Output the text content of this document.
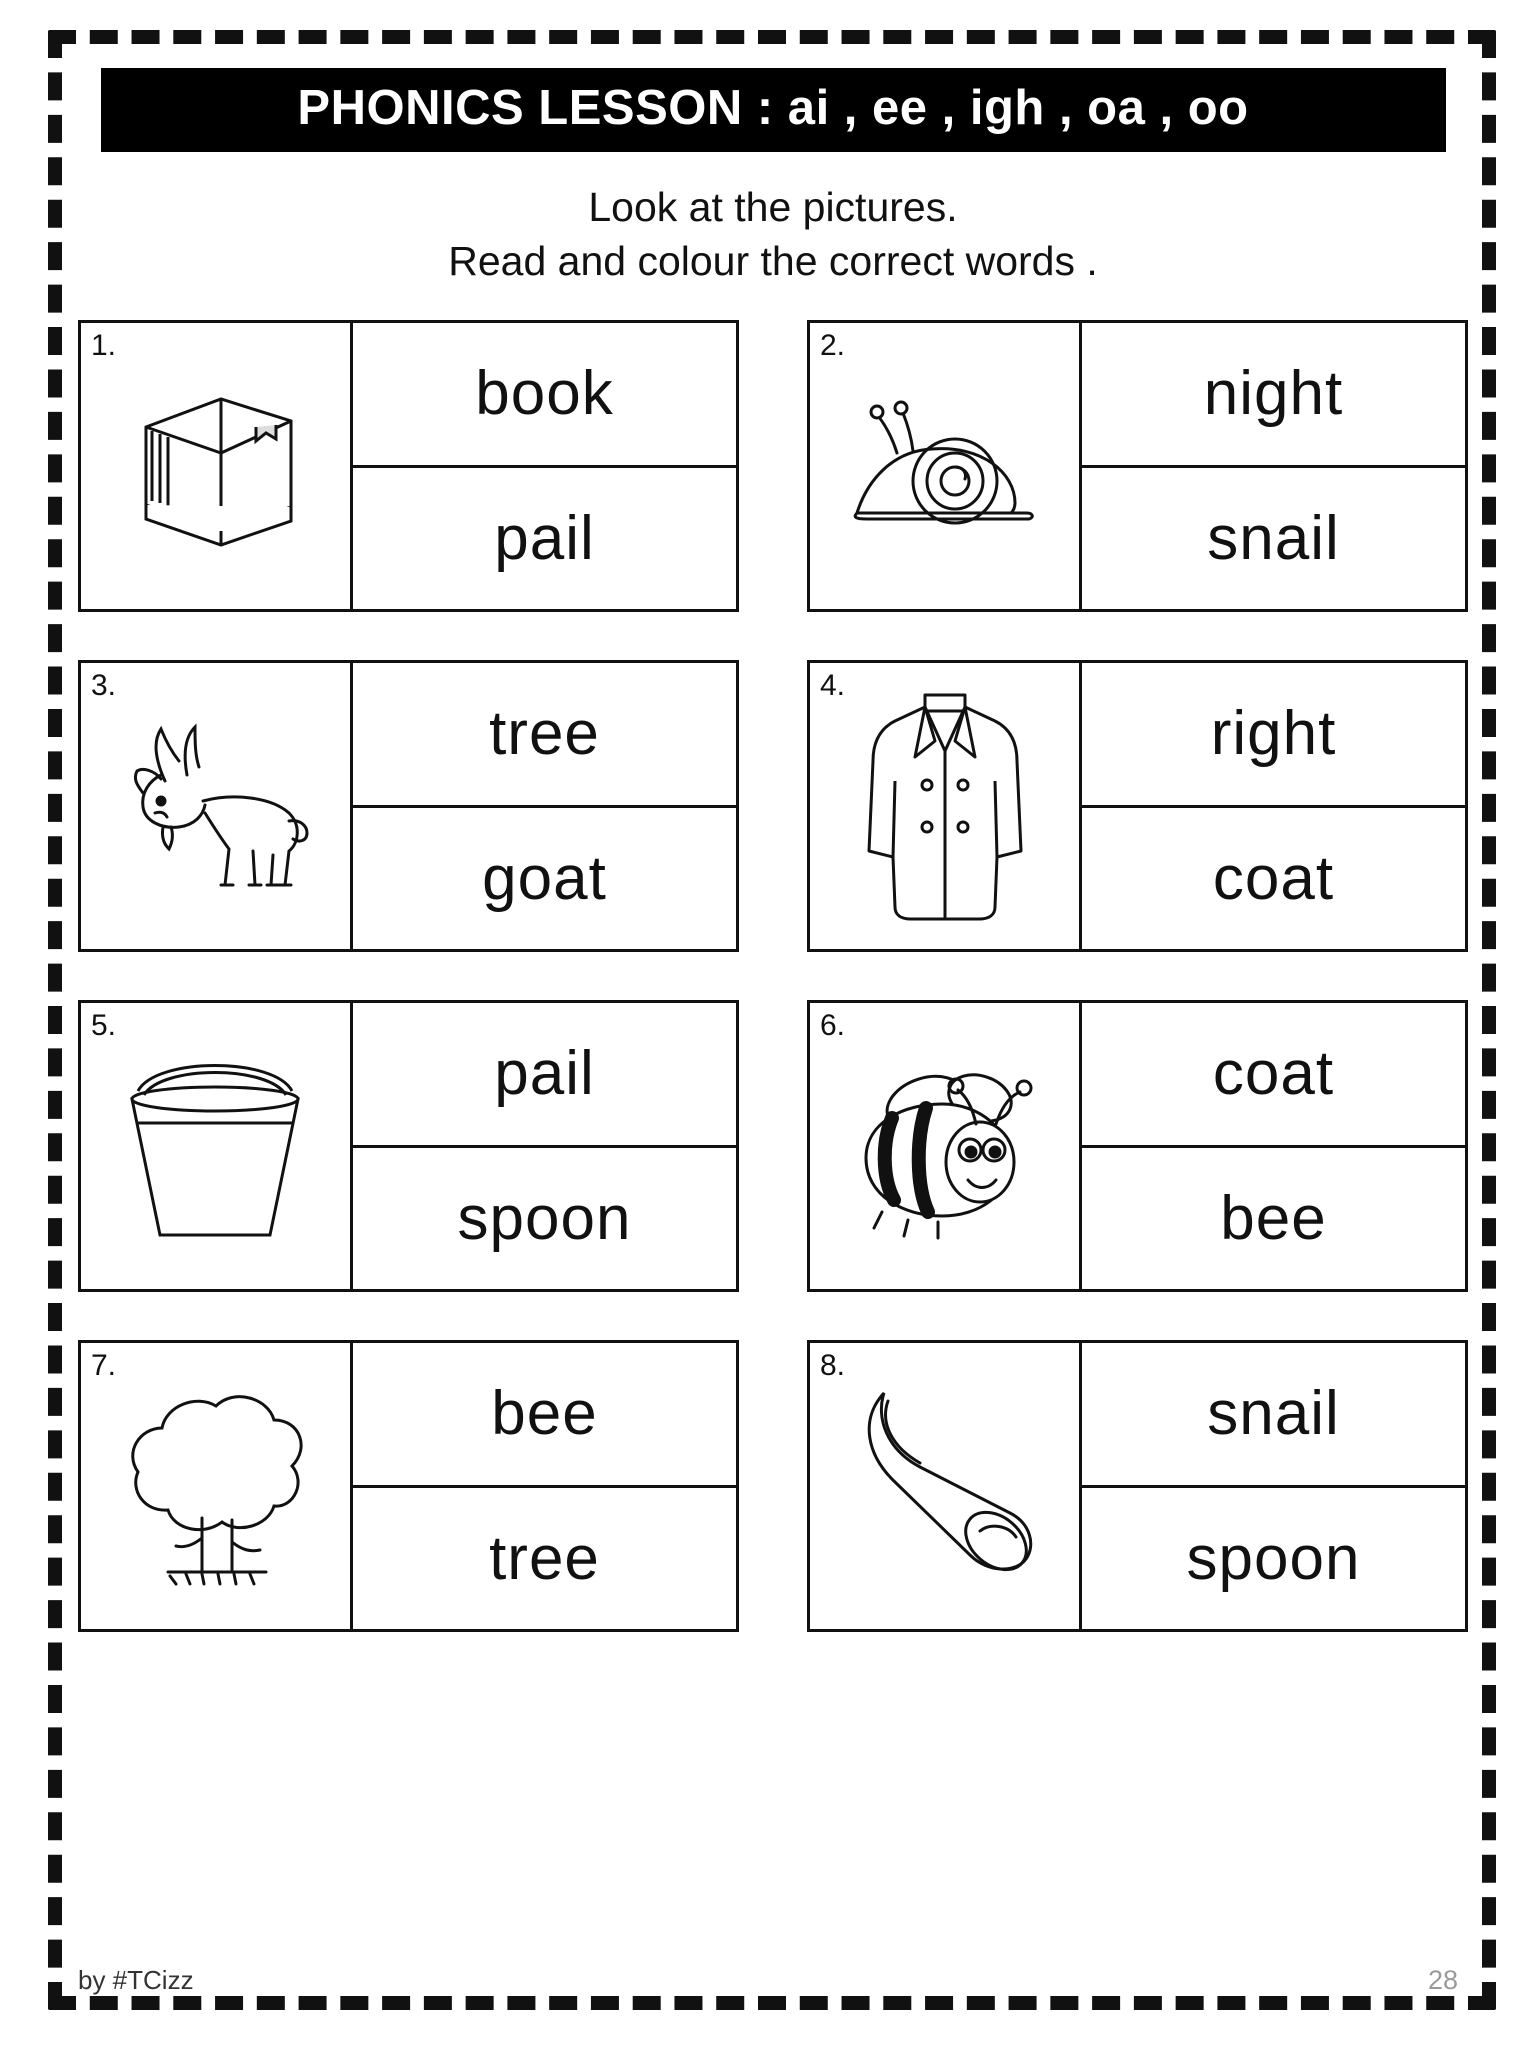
PHONICS LESSON : ai , ee , igh , oa , oo
Look at the pictures.
Read and colour the correct words .
1.
book
pail
2.
night
snail
3.
tree
goat
4.
right
coat
5.
pail
spoon
6.
coat
bee
7.
bee
tree
8.
snail
spoon
by #TCizz	28
